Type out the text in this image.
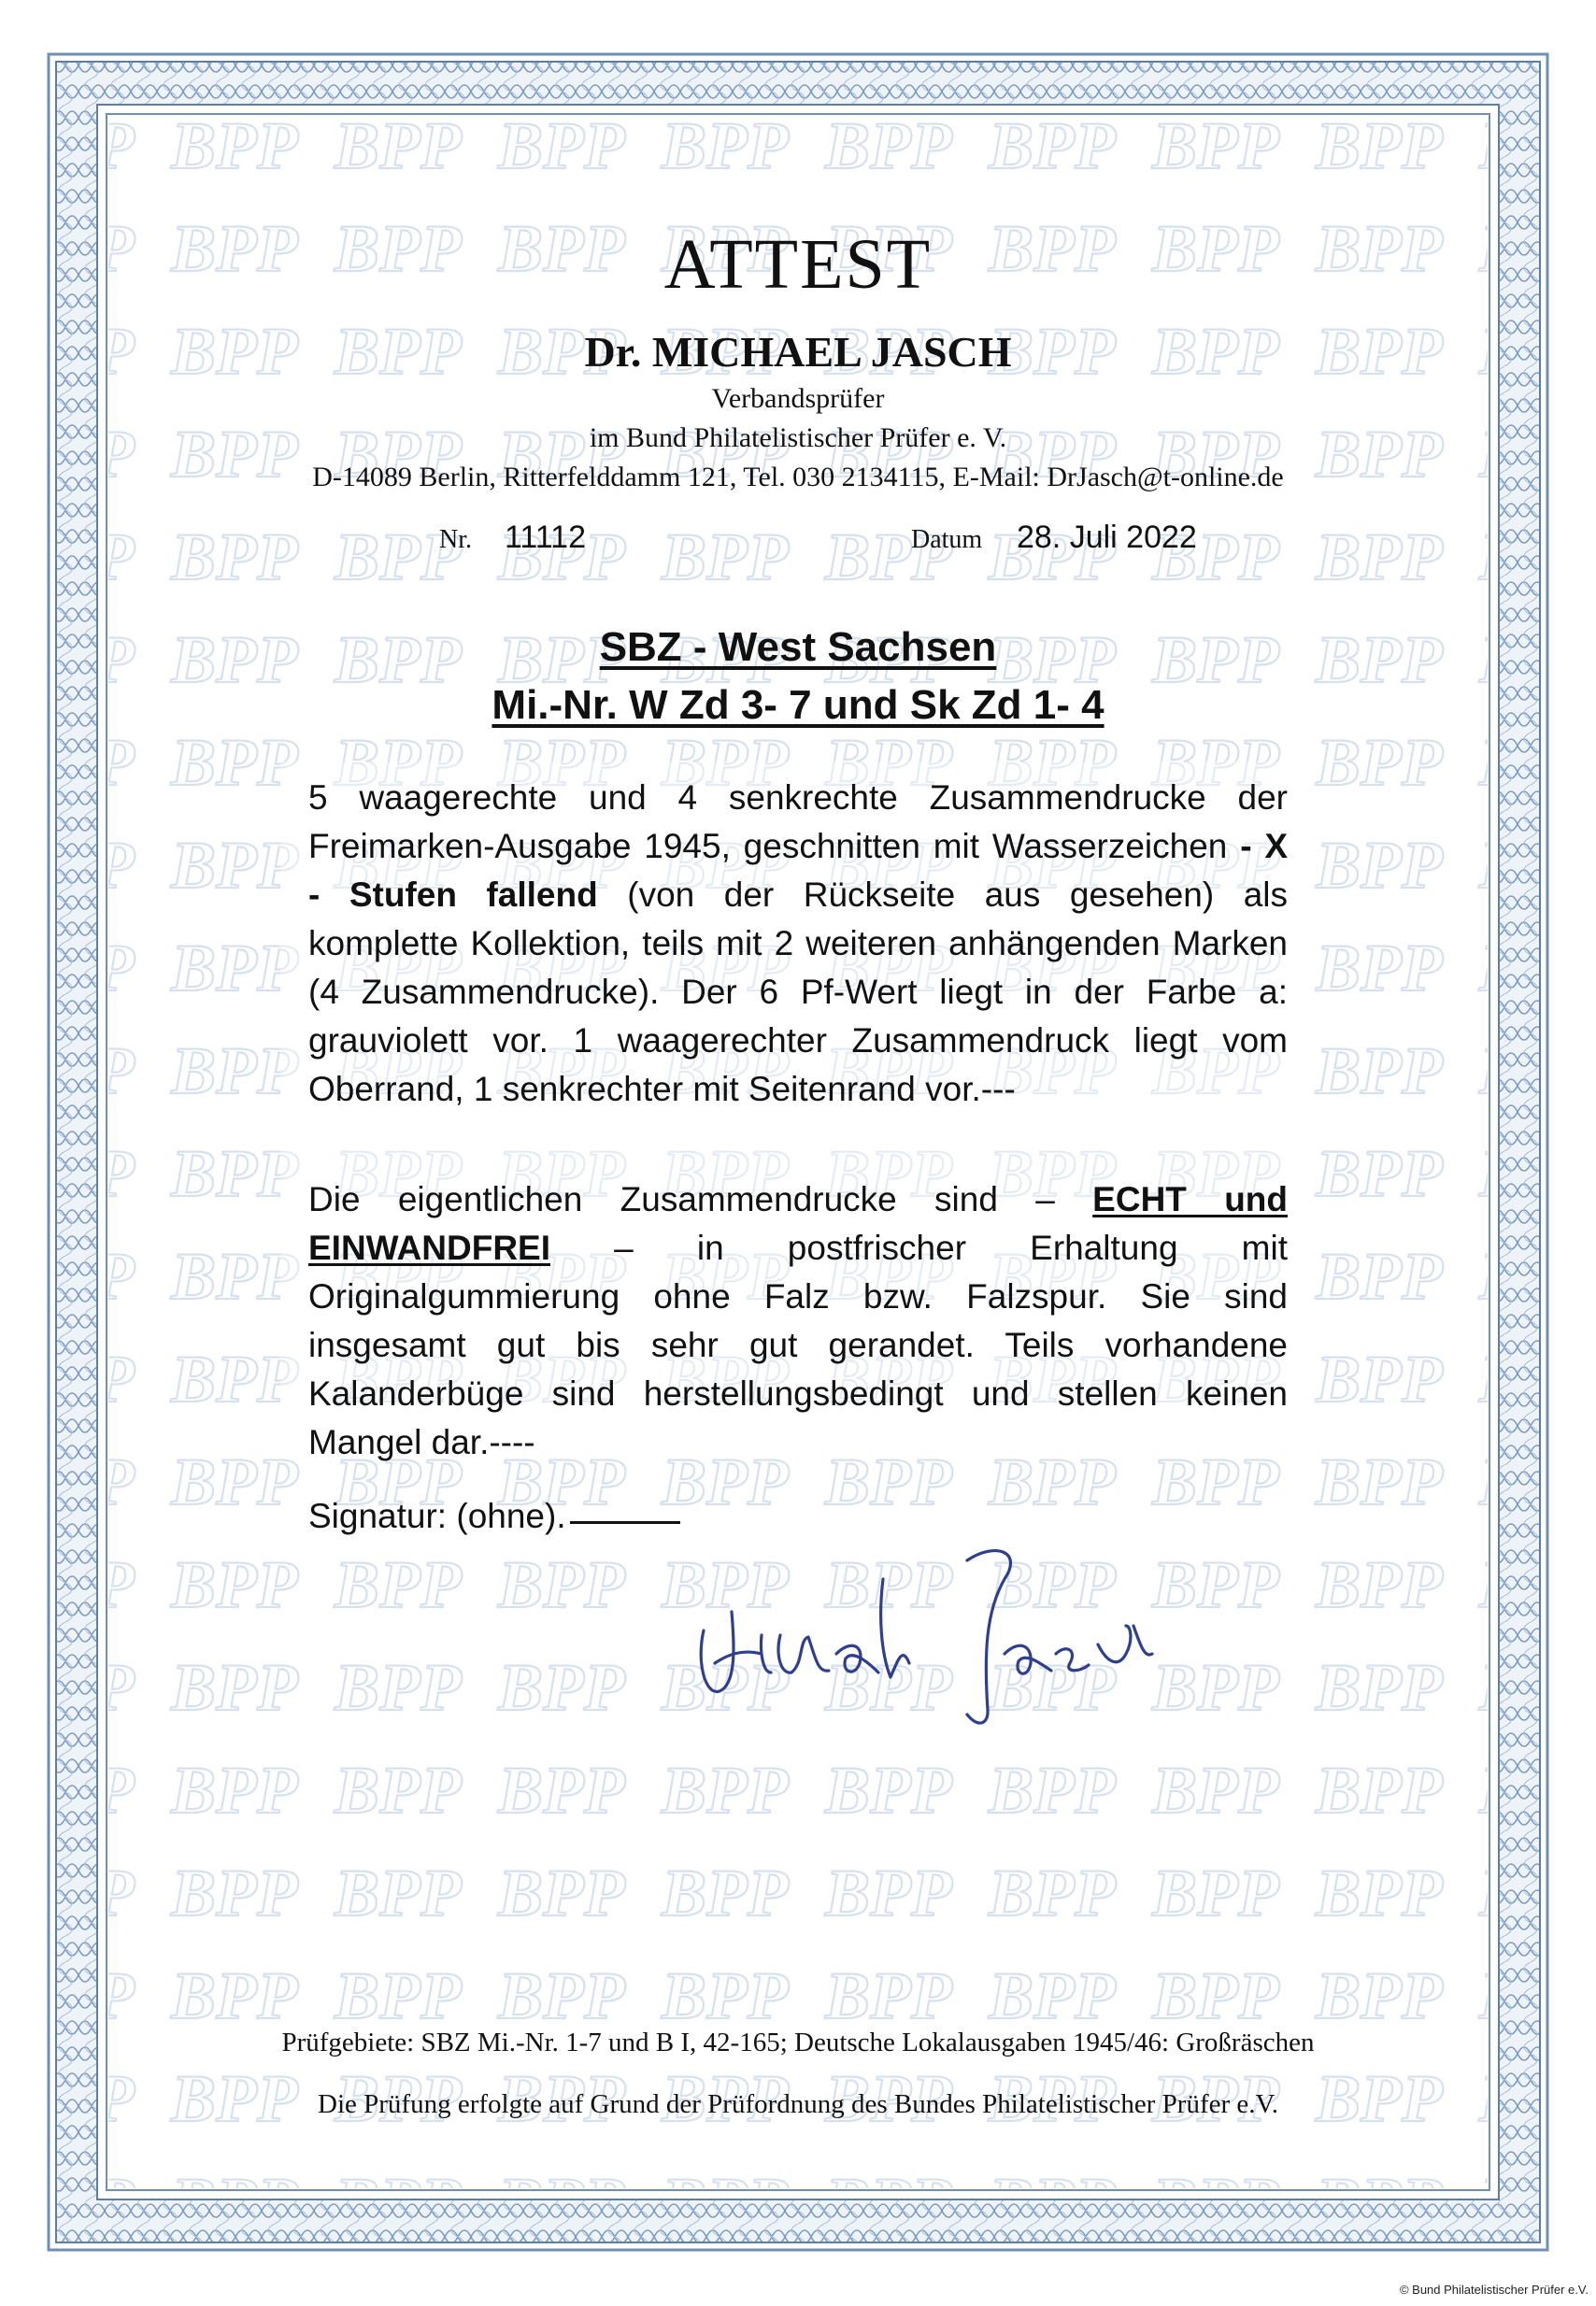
ATTEST
Dr. MICHAEL JASCH
Verbandsprüfer
im Bund Philatelistischer Prüfer e. V.
D-14089 Berlin, Ritterfelddamm 121, Tel. 030 2134115, E-Mail: DrJasch@t-online.de
Nr. 11112	Datum 28. Juli 2022
SBZ - West Sachsen
Mi.-Nr. W Zd 3- 7 und Sk Zd 1- 4
5 waagerechte und 4 senkrechte Zusammendrucke der Freimarken-Ausgabe 1945, geschnitten mit Wasserzeichen - X - Stufen fallend (von der Rückseite aus gesehen) als komplette Kollektion, teils mit 2 weiteren anhängenden Marken (4 Zusammendrucke). Der 6 Pf-Wert liegt in der Farbe a: grauviolett vor. 1 waagerechter Zusammendruck liegt vom Oberrand, 1 senkrechter mit Seitenrand vor.---
Die eigentlichen Zusammendrucke sind – ECHT und EINWANDFREI – in postfrischer Erhaltung mit Originalgummierung ohne Falz bzw. Falzspur. Sie sind insgesamt gut bis sehr gut gerandet. Teils vorhandene Kalanderbüge sind herstellungsbedingt und stellen keinen Mangel dar.----
Signatur: (ohne).
Prüfgebiete: SBZ Mi.-Nr. 1-7 und B I, 42-165; Deutsche Lokalausgaben 1945/46: Großräschen
Die Prüfung erfolgte auf Grund der Prüfordnung des Bundes Philatelistischer Prüfer e.V.
© Bund Philatelistischer Prüfer e.V.
